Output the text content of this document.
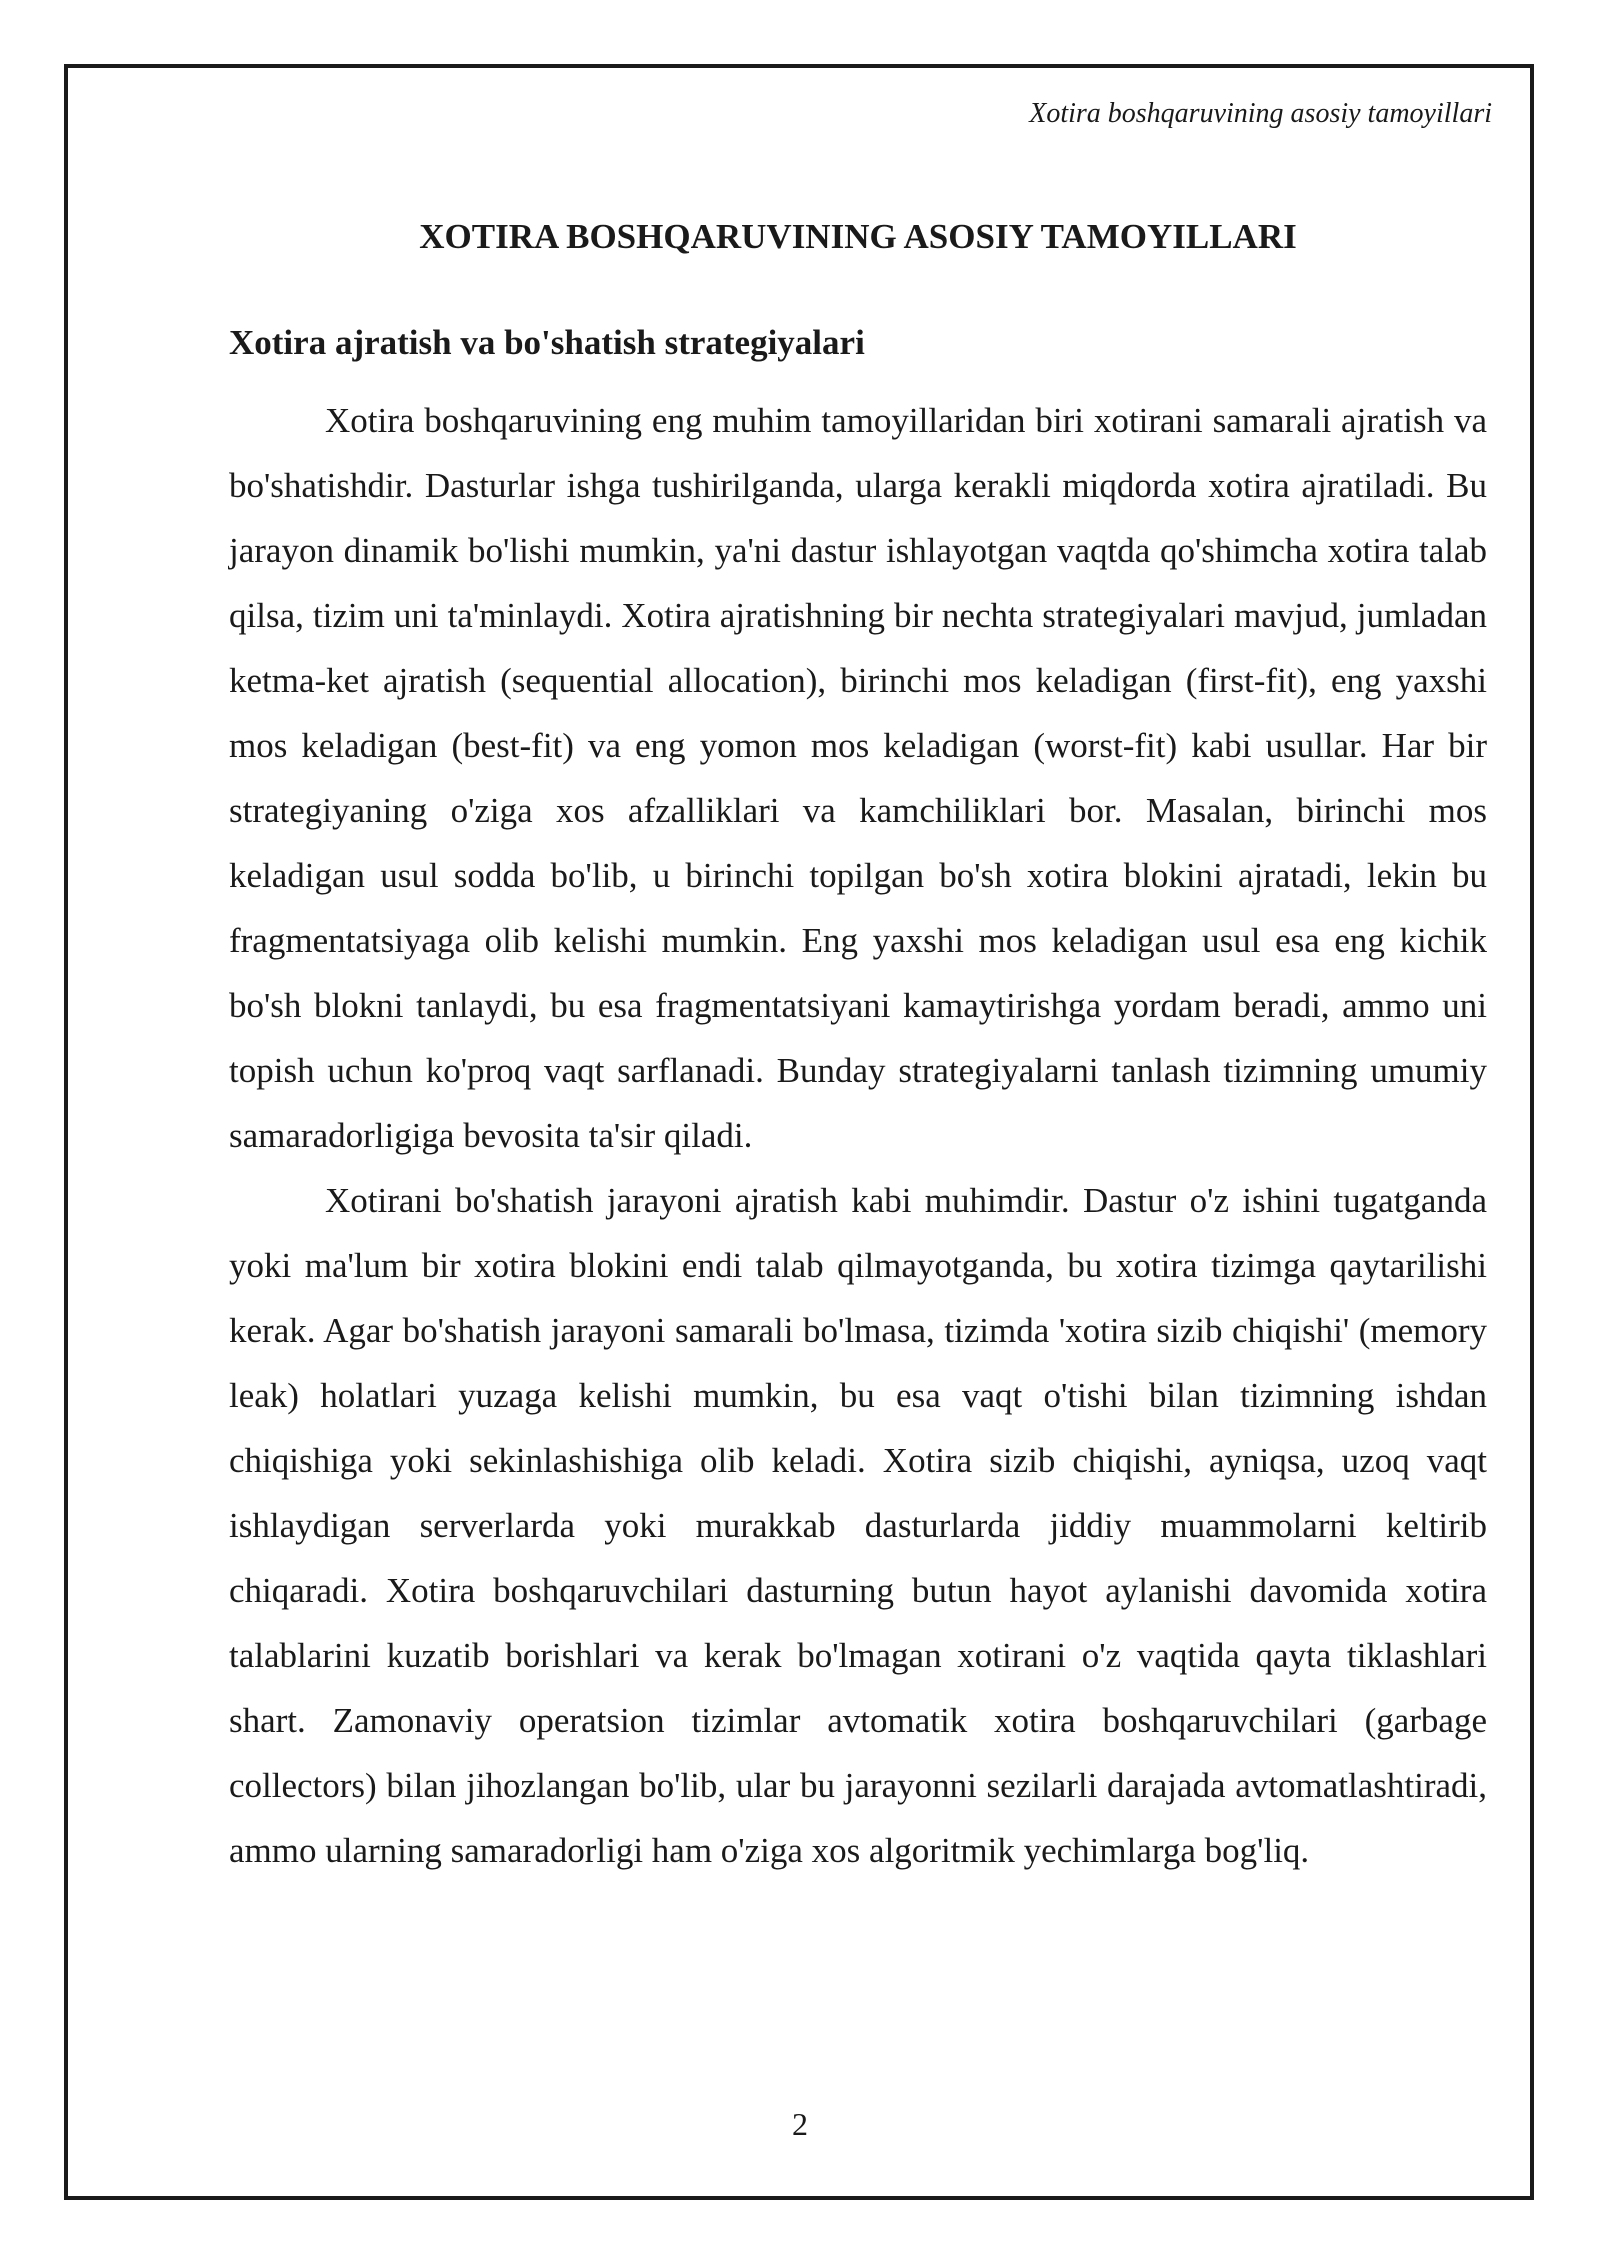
Xotira boshqaruvining asosiy tamoyillari
XOTIRA BOSHQARUVINING ASOSIY TAMOYILLARI
Xotira ajratish va bo'shatish strategiyalari

Xotira boshqaruvining eng muhim tamoyillaridan biri xotirani samarali ajratish va bo'shatishdir. Dasturlar ishga tushirilganda, ularga kerakli miqdorda xotira ajratiladi. Bu jarayon dinamik bo'lishi mumkin, ya'ni dastur ishlayotgan vaqtda qo'shimcha xotira talab qilsa, tizim uni ta'minlaydi. Xotira ajratishning bir nechta strategiyalari mavjud, jumladan ketma-ket ajratish (sequential allocation), birinchi mos keladigan (first-fit), eng yaxshi mos keladigan (best-fit) va eng yomon mos keladigan (worst-fit) kabi usullar. Har bir strategiyaning o'ziga xos afzalliklari va kamchiliklari bor. Masalan, birinchi mos keladigan usul sodda bo'lib, u birinchi topilgan bo'sh xotira blokini ajratadi, lekin bu fragmentatsiyaga olib kelishi mumkin. Eng yaxshi mos keladigan usul esa eng kichik bo'sh blokni tanlaydi, bu esa fragmentatsiyani kamaytirishga yordam beradi, ammo uni topish uchun ko'proq vaqt sarflanadi. Bunday strategiyalarni tanlash tizimning umumiy samaradorligiga bevosita ta'sir qiladi.

Xotirani bo'shatish jarayoni ajratish kabi muhimdir. Dastur o'z ishini tugatganda yoki ma'lum bir xotira blokini endi talab qilmayotganda, bu xotira tizimga qaytarilishi kerak. Agar bo'shatish jarayoni samarali bo'lmasa, tizimda 'xotira sizib chiqishi' (memory leak) holatlari yuzaga kelishi mumkin, bu esa vaqt o'tishi bilan tizimning ishdan chiqishiga yoki sekinlashishiga olib keladi. Xotira sizib chiqishi, ayniqsa, uzoq vaqt ishlaydigan serverlarda yoki murakkab dasturlarda jiddiy muammolarni keltirib chiqaradi. Xotira boshqaruvchilari dasturning butun hayot aylanishi davomida xotira talablarini kuzatib borishlari va kerak bo'lmagan xotirani o'z vaqtida qayta tiklashlari shart. Zamonaviy operatsion tizimlar avtomatik xotira boshqaruvchilari (garbage collectors) bilan jihozlangan bo'lib, ular bu jarayonni sezilarli darajada avtomatlashtiradi, ammo ularning samaradorligi ham o'ziga xos algoritmik yechimlarga bog'liq.

2
